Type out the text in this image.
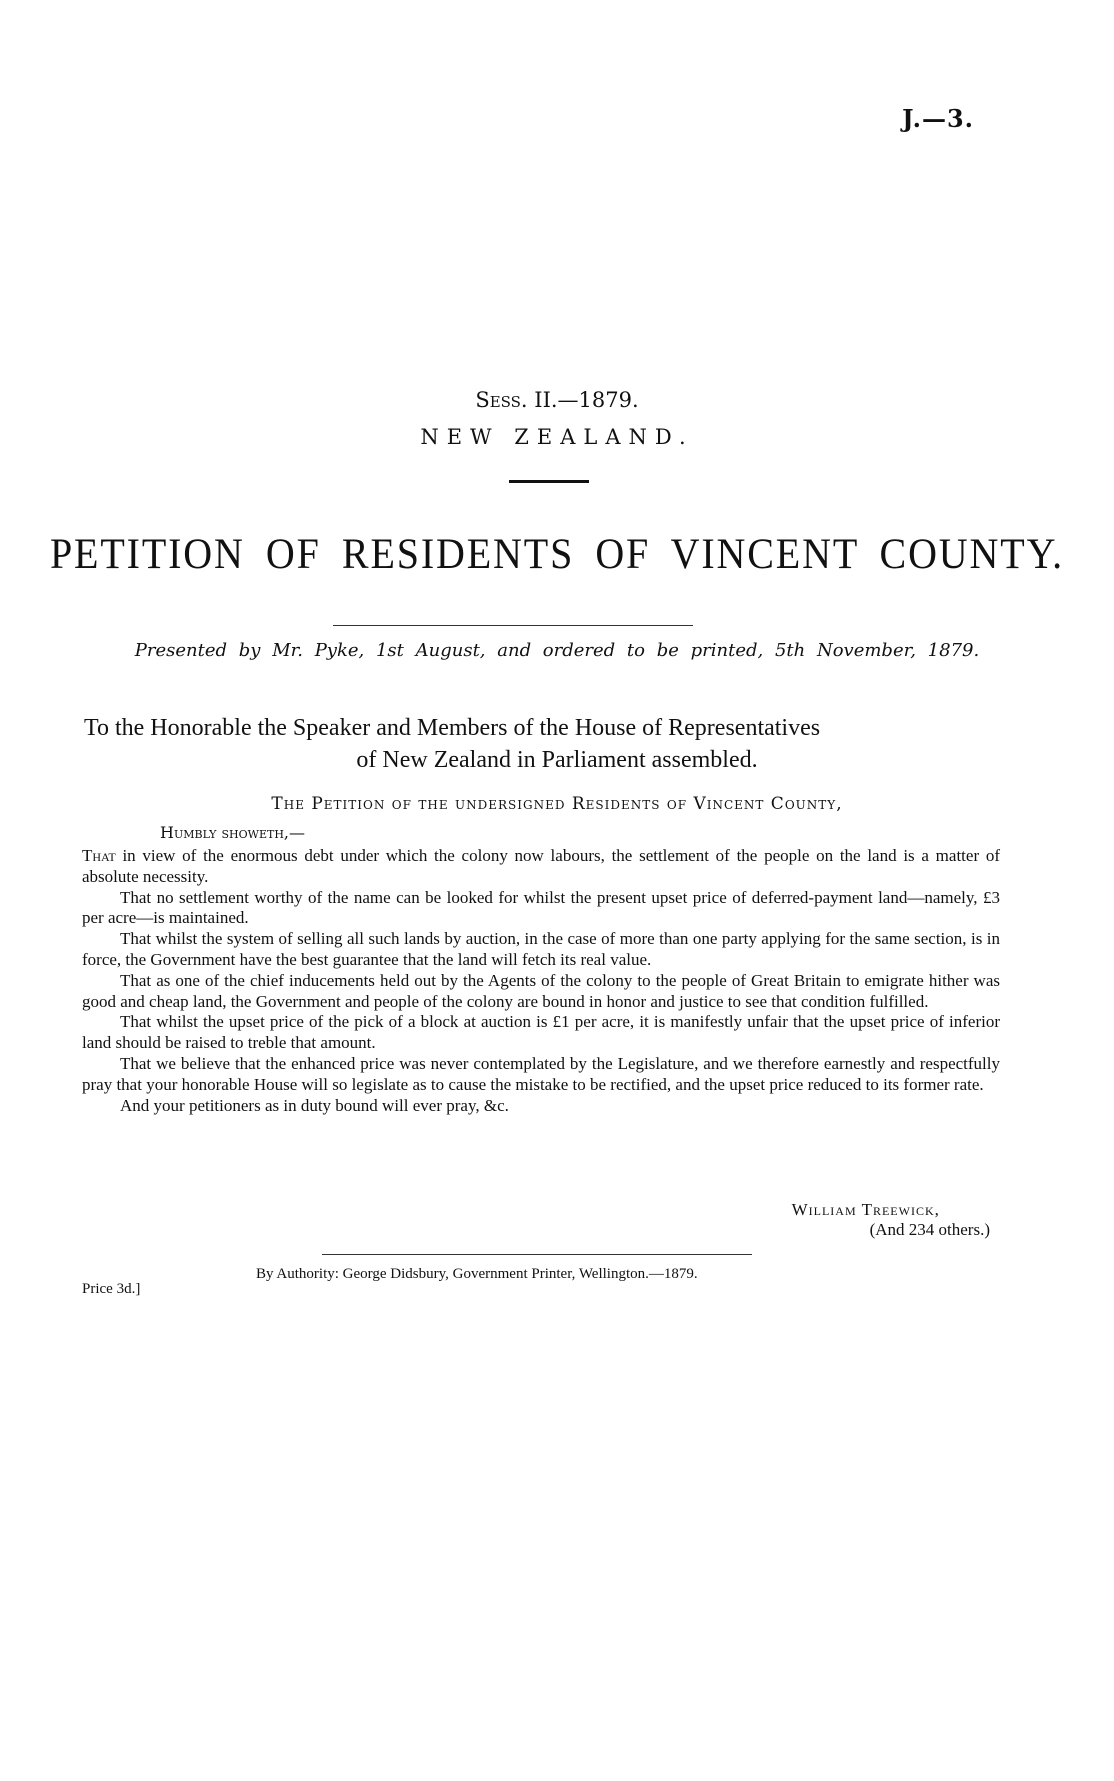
J.—3.
Sess. II.—1879.
NEW ZEALAND.
PETITION OF RESIDENTS OF VINCENT COUNTY.
Presented by Mr. Pyke, 1st August, and ordered to be printed, 5th November, 1879.
To the Honorable the Speaker and Members of the House of Representatives
of New Zealand in Parliament assembled.
The Petition of the undersigned Residents of Vincent County,
Humbly showeth,—

That in view of the enormous debt under which the colony now labours, the settlement of the people on the land is a matter of absolute necessity.

That no settlement worthy of the name can be looked for whilst the present upset price of deferred-payment land—namely, £3 per acre—is maintained.

That whilst the system of selling all such lands by auction, in the case of more than one party applying for the same section, is in force, the Government have the best guarantee that the land will fetch its real value.

That as one of the chief inducements held out by the Agents of the colony to the people of Great Britain to emigrate hither was good and cheap land, the Government and people of the colony are bound in honor and justice to see that condition fulfilled.

That whilst the upset price of the pick of a block at auction is £1 per acre, it is manifestly unfair that the upset price of inferior land should be raised to treble that amount.

That we believe that the enhanced price was never contemplated by the Legislature, and we therefore earnestly and respectfully pray that your honorable House will so legislate as to cause the mistake to be rectified, and the upset price reduced to its former rate.

And your petitioners as in duty bound will ever pray, &c.

William Treewick,
(And 234 others.)
By Authority: George Didsbury, Government Printer, Wellington.—1879.
Price 3d.]
